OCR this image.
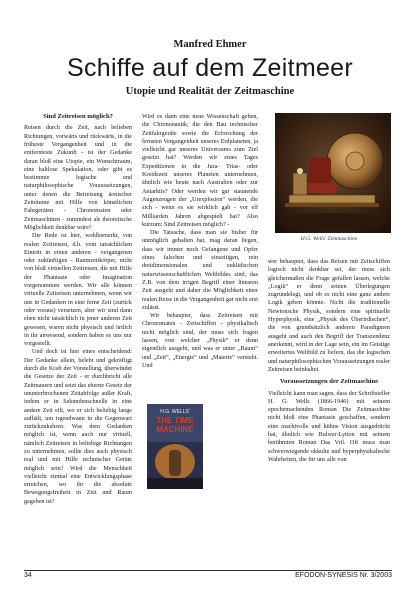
Manfred Ehmer
Schiffe auf dem Zeitmeer
Utopie und Realität der Zeitmaschine
Sind Zeitreisen möglich?

Reisen durch die Zeit, nach belieben Richtungen, vorwärts und rückwärts, in die früheste Vergangenheit und in die entfernteste Zukunft - ist der Gedanke daran bloß eine Utopie, ein Wunschtraum, eine haltlose Spekulation, oder gibt es bestimmte logische und naturphilosophische Voraussetzungen, unter denen die Beireisung äonischer Zeiträume mit Hilfe von künstlichen Fahrgeräten - Chronomaten oder Zeitmaschinen - zumindest als theoretische Möglichkeit denkbar wäre?

Die Rede ist hier, wohlbemerkt, von realen Zeitreisen, d.h. vom tatsächlichen Eintritt in einen anderen - vergangenen oder zukünftigen - Raumzeitkörper, nicht von bloß virtuellen Zeitreisen, die mit Hilfe der Phantasie oder Imagination vorgenommen werden. Wir alle können virtuelle Zeitreisen unternehmen, wenn wir uns in Gedanken in eine ferne Zeit (zurück oder voraus) versetzen, aber wir sind dann eben nicht tatsächlich in jener anderen Zeit gewesen, waren nicht physisch und örtlich in ihr anwesend, sondern haben es uns nur vorgestellt.

Und doch ist hier eines entscheidend: Der Gedanke allein, belebt und gekräftigt durch die Kraft der Vorstellung, überwindet die Gesetze der Zeit - er durchbricht alle Zeitmauern und setzt das eherne Gesetz der ununterbrochenen Zeitabfolge außer Kraft, indem er in Sekundenschnelle in eine andere Zeit eilt, wo er sich beliebig lange aufhält, um irgendwann in die Gegenwart zurückzukehren. Was dem Gedanken möglich ist, wenn auch nur virtuell, nämlich Zeitreisen in beliebige Richtungen zu unternehmen, sollte dies auch physisch real und mit Hilfe technischer Geräte möglich sein? Wird die Menschheit vielleicht einmal eine Entwicklungsphase erreichen, wo ihr die absolute Bewegungsfreiheit in Zeit und Raum gegeben ist?

Wird es dann eine neue Wissenschaft geben, die Chrononautik, die den Bau technischer Zeitfahrgeräte sowie die Erforschung der fernsten Vergangenheit unseres Erdplaneten, ja vielleicht gar unseres Universums zum Ziel gesetzt hat? Werden wir eines Tages Expeditionen in die Jura- Trias- oder Kreidezeit unseres Planeten unternehmen, ähnlich wie heute nach Australien oder zur Antarktis? Oder werden wir gar staunende Augenzeugen der „Urexplosion“ werden, die sich - wenn es sie wirklich gab - vor elf Milliarden Jahren abgespielt hat? Also kurzum: Sind Zeitreisen möglich? -

Die Tatsache, dass man sie bisher für unmöglich gehalten hat, mag daran liegen, dass wir immer noch Gefangene und Opfer eines falschen und einseitigen, rein dreidimensionalen und euklidischen naturwissenschaftlichen Weltbildes sind, das Z.B. von dem irrigen Begriff einer linearen Zeit ausgeht und daher die Möglichkeit einer realen Reise in die Vergangenheit gar nicht erst zulässt.

Wir behaupter, dass Zeitreisen mit Chronomaten - Zeitschiffen - physikalisch nicht möglich sind, der muss sich fragen lassen, von welcher „Physik“ er denn eigentlich ausgeht, und was er unter „Raum“ und „Zeit“, „Energie“ und „Materie“ versteht. Und

H.G. Wells' Zeitmaschine

wer behauptet, dass das Reisen mit Zeitschiffen logisch nicht denkbar sei, der muss sich gleichermaßen die Frage gefallen lassen, welche „Logik“ er denn seinen Überlegungen zugrundelegt, und ob es nicht eine ganz andere Logik geben könnte. Nicht die traditionelle Newtonsche Physik, sondern eine spirituelle Hyperphysik, eine „Physik des Überirdischen“, die von grundsätzlich anderen Paradigmen ausgeht und auch den Begriff der Transzendenz anerkennt, wird in der Lage sein, ein im Geistige erweitertes Weltbild zu liefern, das die logischen und naturphilosophischen Voraussetzungen realer Zeitreisen beinhaltet.

Voraussetzungen der Zeitmaschine

Vielleicht kann man sagen, dass der Schriftsteller H. G. Wells (1866-1946) mit seinem epochemachenden Roman Die Zeitmaschine nicht bloß eine Phantasie geschaffen, sondern eine machtvolle und kühne Vision ausgedrückt hat, ähnlich wie Bulwer-Lytton mit seinem berühmten Roman Das Vril. Oft muss man schwerwiegende okkulte und hyperphysikalische Wahrheiten, die für uns alle von

H.G. WELLS'
THE TIME
MACHINE
34	EFODON-SYNESIS Nr. 3/2003
